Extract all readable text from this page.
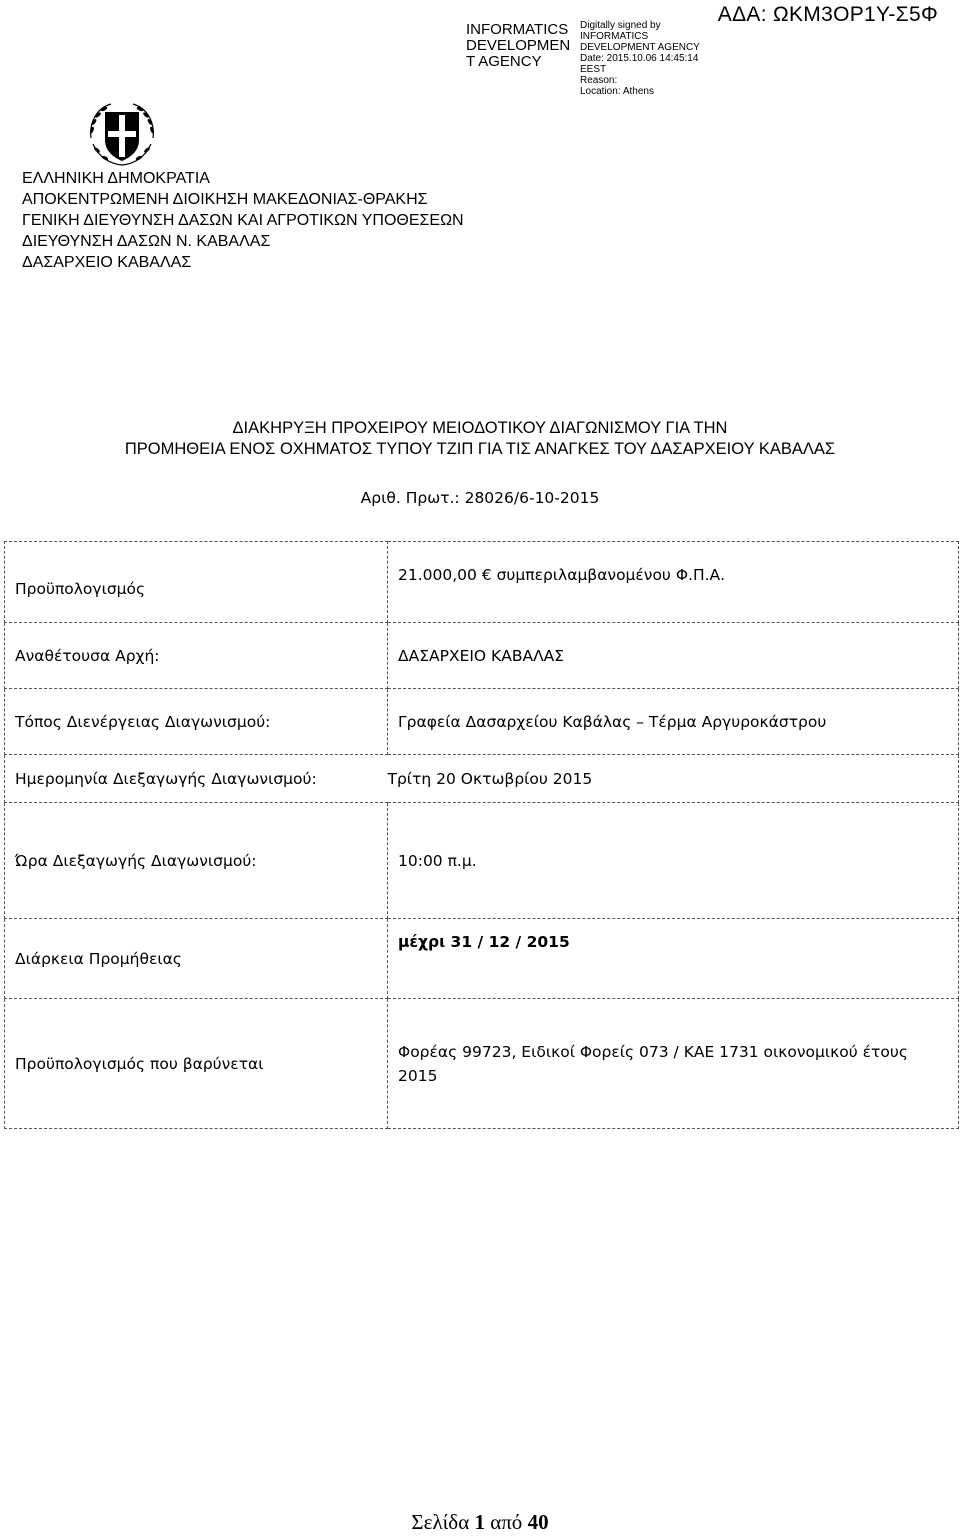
INFORMATICS
DEVELOPMEN
T AGENCY
Digitally signed by
INFORMATICS
DEVELOPMENT AGENCY
Date: 2015.10.06 14:45:14
EEST
Reason:
Location: Athens
ΑΔΑ: ΩΚΜ3ΟΡ1Υ-Σ5Φ
ΕΛΛΗΝΙΚΗ ΔΗΜΟΚΡΑΤΙΑ
ΑΠΟΚΕΝΤΡΩΜΕΝΗ ΔΙΟΙΚΗΣΗ ΜΑΚΕΔΟΝΙΑΣ-ΘΡΑΚΗΣ
ΓΕΝΙΚΗ ΔΙΕΥΘΥΝΣΗ ΔΑΣΩΝ ΚΑΙ ΑΓΡΟΤΙΚΩΝ ΥΠΟΘΕΣΕΩΝ
ΔΙΕΥΘΥΝΣΗ ΔΑΣΩΝ Ν. ΚΑΒΑΛΑΣ
ΔΑΣΑΡΧΕΙΟ ΚΑΒΑΛΑΣ
ΔΙΑΚΗΡΥΞΗ ΠΡΟΧΕΙΡΟΥ ΜΕΙΟΔΟΤΙΚΟΥ ΔΙΑΓΩΝΙΣΜΟΥ ΓΙΑ ΤΗΝ
ΠΡΟΜΗΘΕΙΑ ΕΝΟΣ ΟΧΗΜΑΤΟΣ ΤΥΠΟΥ ΤΖΙΠ ΓΙΑ ΤΙΣ ΑΝΑΓΚΕΣ ΤΟΥ ΔΑΣΑΡΧΕΙΟΥ ΚΑΒΑΛΑΣ
Αριθ. Πρωτ.: 28026/6-10-2015
Προϋπολογισμός	21.000,00 € συμπεριλαμβανομένου Φ.Π.Α.
Αναθέτουσα Αρχή:	ΔΑΣΑΡΧΕΙΟ ΚΑΒΑΛΑΣ
Τόπος Διενέργειας Διαγωνισμού:	Γραφεία Δασαρχείου Καβάλας – Τέρμα Αργυροκάστρου
Ημερομηνία Διεξαγωγής Διαγωνισμού:	Τρίτη 20 Οκτωβρίου 2015
Ώρα Διεξαγωγής Διαγωνισμού:	10:00 π.μ.
Διάρκεια Προμήθειας	μέχρι 31 / 12 / 2015
Προϋπολογισμός που βαρύνεται	Φορέας 99723, Ειδικοί Φορείς 073 / ΚΑΕ 1731 οικονομικού έτους 2015
Σελίδα 1 από 40
